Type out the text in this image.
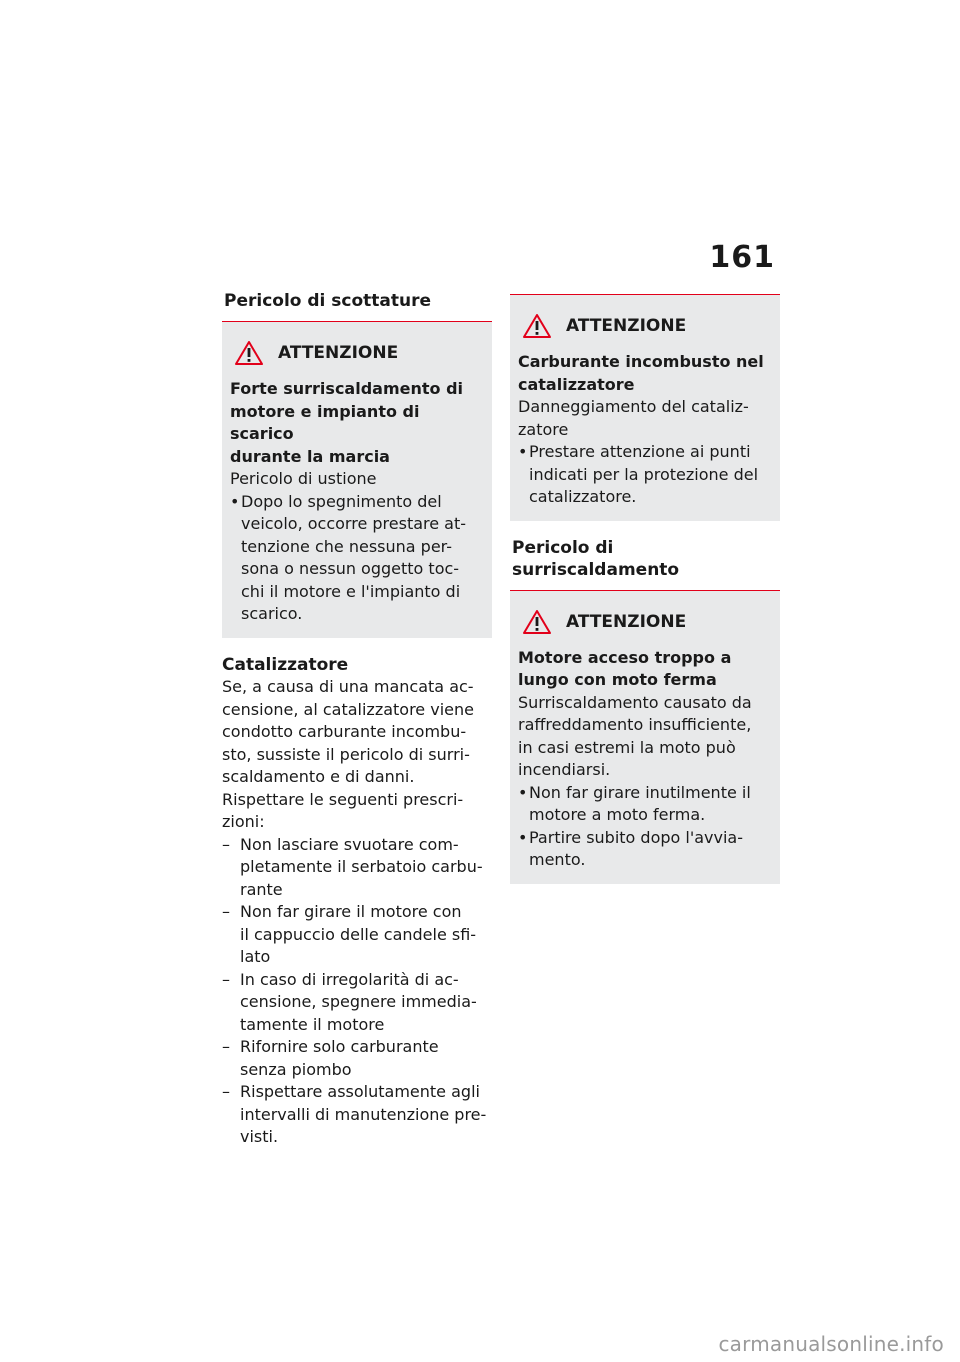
161
Pericolo di scottature
ATTENZIONE
Forte surriscaldamento di
motore e impianto di scarico
durante la marcia
Pericolo di ustione
• Dopo lo spegnimento del
veicolo, occorre prestare at-
tenzione che nessuna per-
sona o nessun oggetto toc-
chi il motore e l'impianto di
scarico.
Catalizzatore
Se, a causa di una mancata ac-
censione, al catalizzatore viene
condotto carburante incombu-
sto, sussiste il pericolo di surri-
scaldamento e di danni.
Rispettare le seguenti prescri-
zioni:
– Non lasciare svuotare com-
pletamente il serbatoio carbu-
rante
– Non far girare il motore con
il cappuccio delle candele sfi-
lato
– In caso di irregolarità di ac-
censione, spegnere immedia-
tamente il motore
– Rifornire solo carburante
senza piombo
– Rispettare assolutamente agli
intervalli di manutenzione pre-
visti.
ATTENZIONE
Carburante incombusto nel
catalizzatore
Danneggiamento del cataliz-
zatore
• Prestare attenzione ai punti
indicati per la protezione del
catalizzatore.
Pericolo di surriscaldamento
ATTENZIONE
Motore acceso troppo a
lungo con moto ferma
Surriscaldamento causato da
raffreddamento insufficiente,
in casi estremi la moto può
incendiarsi.
• Non far girare inutilmente il
motore a moto ferma.
• Partire subito dopo l'avvia-
mento.
carmanualsonline.info
